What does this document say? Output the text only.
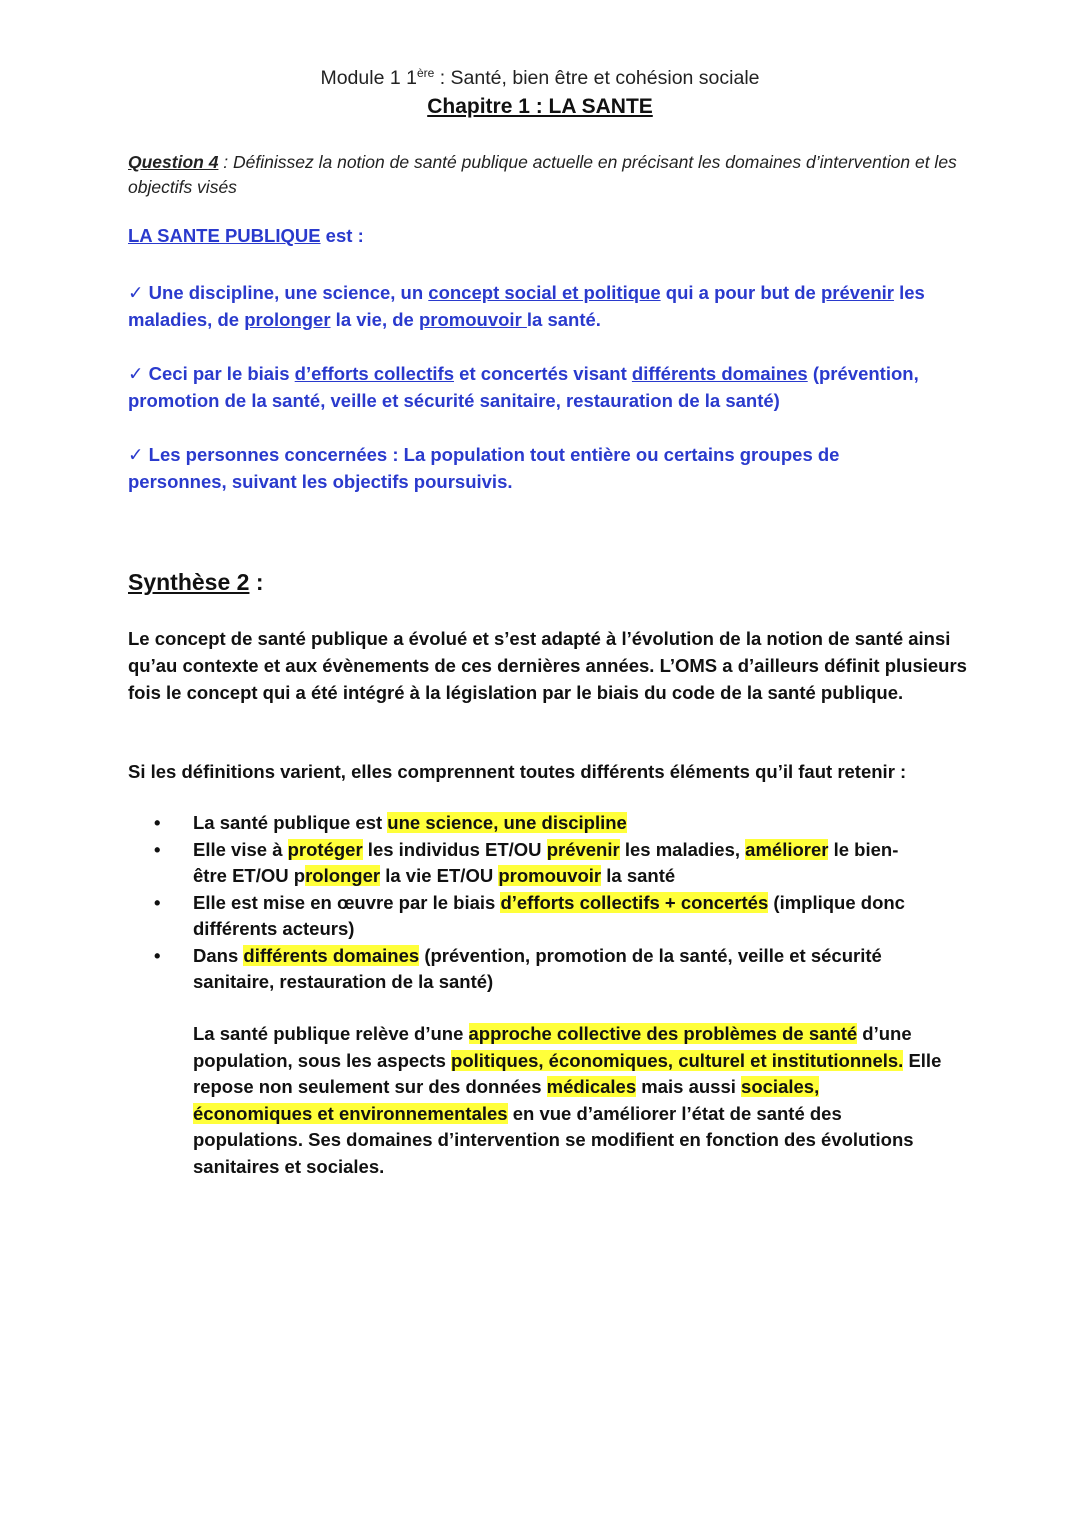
Module 1 1ère : Santé, bien être et cohésion sociale
Chapitre 1 : LA SANTE
Question 4 : Définissez la notion de santé publique actuelle en précisant les domaines d’intervention et les objectifs visés
LA SANTE PUBLIQUE est :
✓ Une discipline, une science, un concept social et politique qui a pour but de prévenir les maladies, de prolonger la vie, de promouvoir la santé.
✓ Ceci par le biais d’efforts collectifs et concertés visant différents domaines (prévention, promotion de la santé, veille et sécurité sanitaire, restauration de la santé)
✓ Les personnes concernées : La population tout entière ou certains groupes de personnes, suivant les objectifs poursuivis.
Synthèse 2 :
Le concept de santé publique a évolué et s’est adapté à l’évolution de la notion de santé ainsi qu’au contexte et aux évènements de ces dernières années. L’OMS a d’ailleurs définit plusieurs fois le concept qui a été intégré à la législation par le biais du code de la santé publique.
Si les définitions varient, elles comprennent toutes différents éléments qu’il faut retenir :
• La santé publique est une science, une discipline
• Elle vise à protéger les individus ET/OU prévenir les maladies, améliorer le bien-être ET/OU prolonger la vie ET/OU promouvoir la santé
• Elle est mise en œuvre par le biais d’efforts collectifs + concertés (implique donc différents acteurs)
• Dans différents domaines (prévention, promotion de la santé, veille et sécurité sanitaire, restauration de la santé)
La santé publique relève d’une approche collective des problèmes de santé d’une population, sous les aspects politiques, économiques, culturel et institutionnels. Elle repose non seulement sur des données médicales mais aussi sociales, économiques et environnementales en vue d’améliorer l’état de santé des populations. Ses domaines d’intervention se modifient en fonction des évolutions sanitaires et sociales.
